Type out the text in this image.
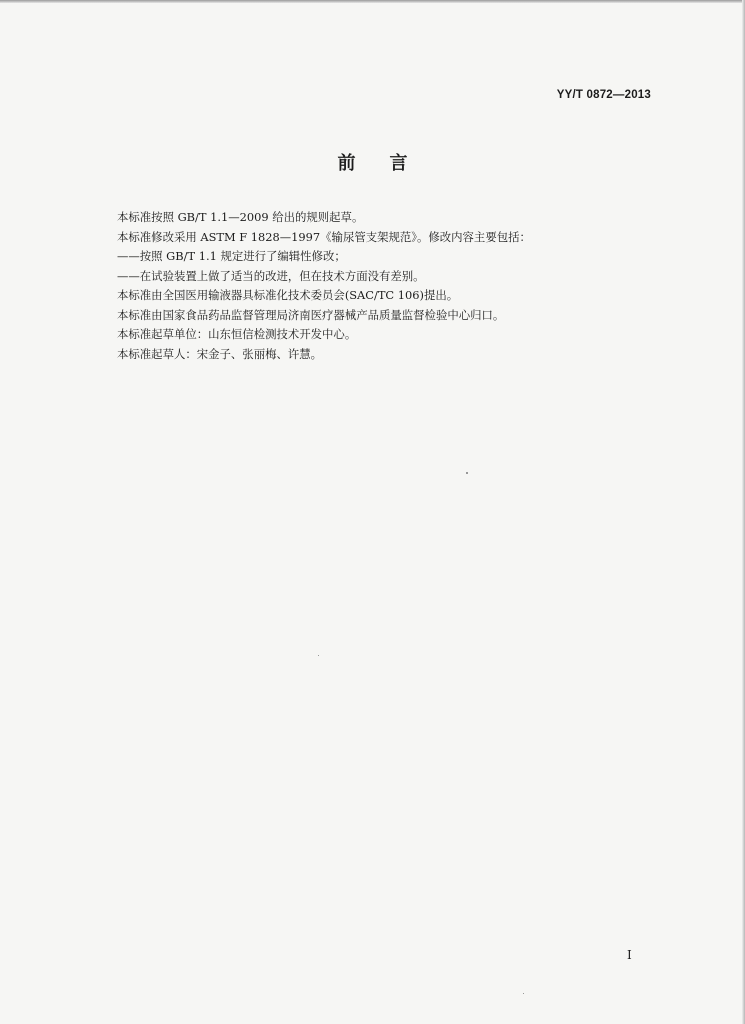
YY/T 0872—2013
前 言

本标准按照 GB/T 1.1—2009 给出的规则起草。

本标准修改采用 ASTM F 1828—1997《输尿管支架规范》。修改内容主要包括：

——按照 GB/T 1.1 规定进行了编辑性修改；

——在试验装置上做了适当的改进，但在技术方面没有差别。

本标准由全国医用输液器具标准化技术委员会(SAC/TC 106)提出。

本标准由国家食品药品监督管理局济南医疗器械产品质量监督检验中心归口。

本标准起草单位：山东恒信检测技术开发中心。

本标准起草人：宋金子、张丽梅、许慧。

I
